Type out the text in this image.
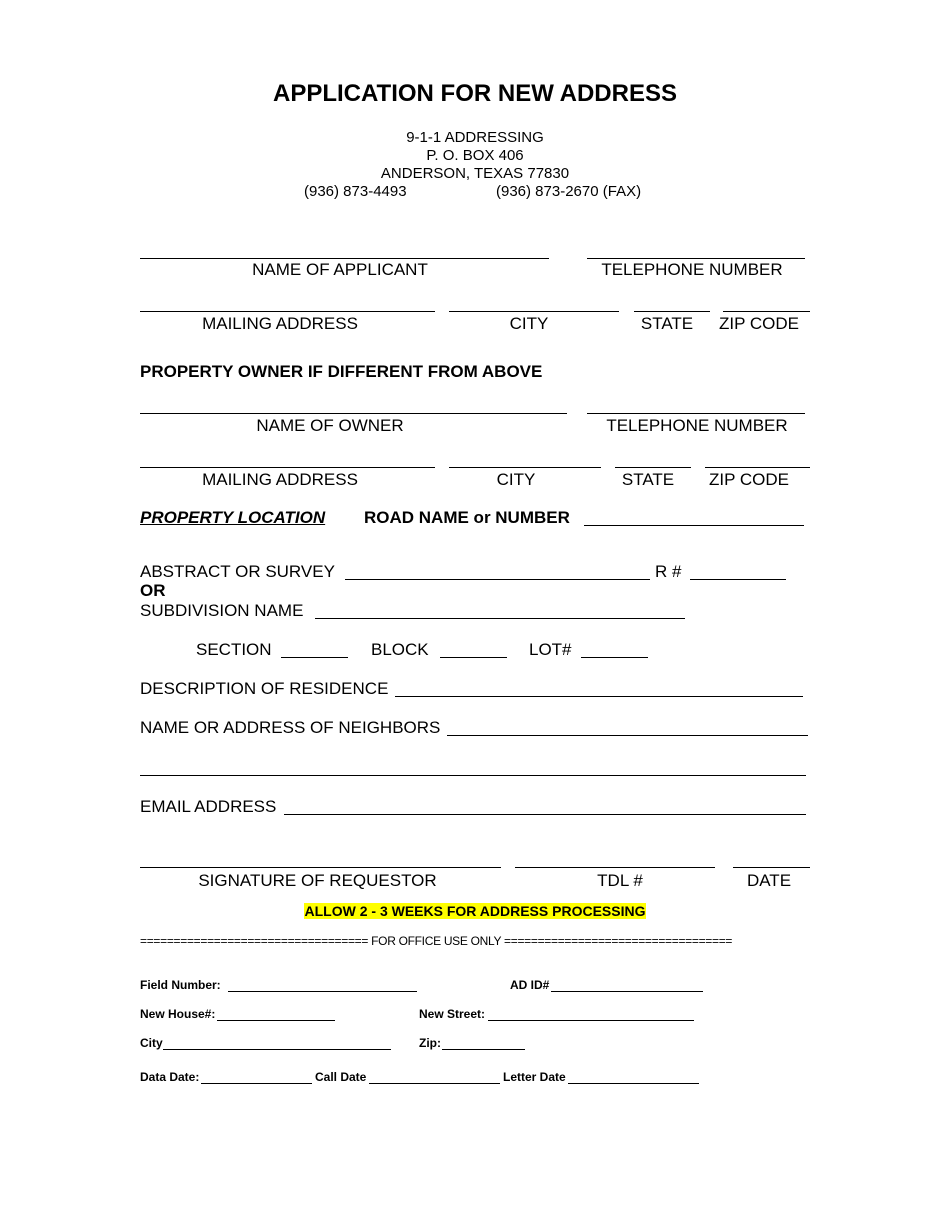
APPLICATION FOR NEW ADDRESS
9-1-1 ADDRESSING
P. O. BOX 406
ANDERSON, TEXAS 77830
(936) 873-4493	(936) 873-2670 (FAX)
NAME OF APPLICANT	TELEPHONE NUMBER
MAILING ADDRESS	CITY	STATE	ZIP CODE
PROPERTY OWNER IF DIFFERENT FROM ABOVE
NAME OF OWNER	TELEPHONE NUMBER
MAILING ADDRESS	CITY	STATE	ZIP CODE
PROPERTY LOCATION ROAD NAME or NUMBER
ABSTRACT OR SURVEY	R #
OR
SUBDIVISION NAME
SECTION	BLOCK	LOT#
DESCRIPTION OF RESIDENCE
NAME OR ADDRESS OF NEIGHBORS
EMAIL ADDRESS
SIGNATURE OF REQUESTOR	TDL #	DATE
ALLOW 2 - 3 WEEKS FOR ADDRESS PROCESSING
================================== FOR OFFICE USE ONLY ==================================
Field Number:	AD ID#
New House#:	New Street:
City	Zip:
Data Date:	Call Date	Letter Date
